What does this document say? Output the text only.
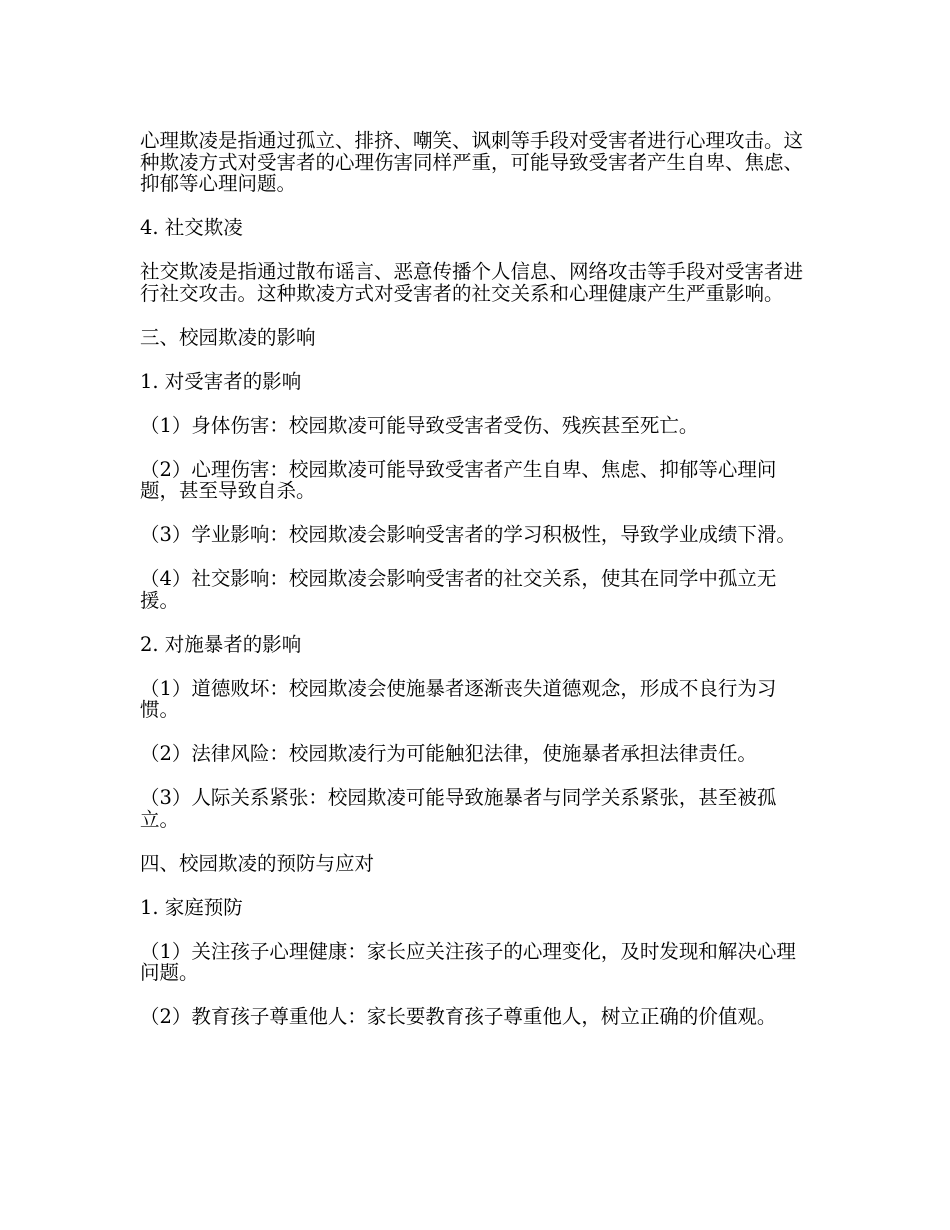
心理欺凌是指通过孤立、排挤、嘲笑、讽刺等手段对受害者进行心理攻击。这种欺凌方式对受害者的心理伤害同样严重，可能导致受害者产生自卑、焦虑、抑郁等心理问题。

4. 社交欺凌

社交欺凌是指通过散布谣言、恶意传播个人信息、网络攻击等手段对受害者进行社交攻击。这种欺凌方式对受害者的社交关系和心理健康产生严重影响。

三、校园欺凌的影响

1. 对受害者的影响

（1）身体伤害：校园欺凌可能导致受害者受伤、残疾甚至死亡。

（2）心理伤害：校园欺凌可能导致受害者产生自卑、焦虑、抑郁等心理问题，甚至导致自杀。

（3）学业影响：校园欺凌会影响受害者的学习积极性，导致学业成绩下滑。

（4）社交影响：校园欺凌会影响受害者的社交关系，使其在同学中孤立无援。

2. 对施暴者的影响

（1）道德败坏：校园欺凌会使施暴者逐渐丧失道德观念，形成不良行为习惯。

（2）法律风险：校园欺凌行为可能触犯法律，使施暴者承担法律责任。

（3）人际关系紧张：校园欺凌可能导致施暴者与同学关系紧张，甚至被孤立。

四、校园欺凌的预防与应对

1. 家庭预防

（1）关注孩子心理健康：家长应关注孩子的心理变化，及时发现和解决心理问题。

（2）教育孩子尊重他人：家长要教育孩子尊重他人，树立正确的价值观。
